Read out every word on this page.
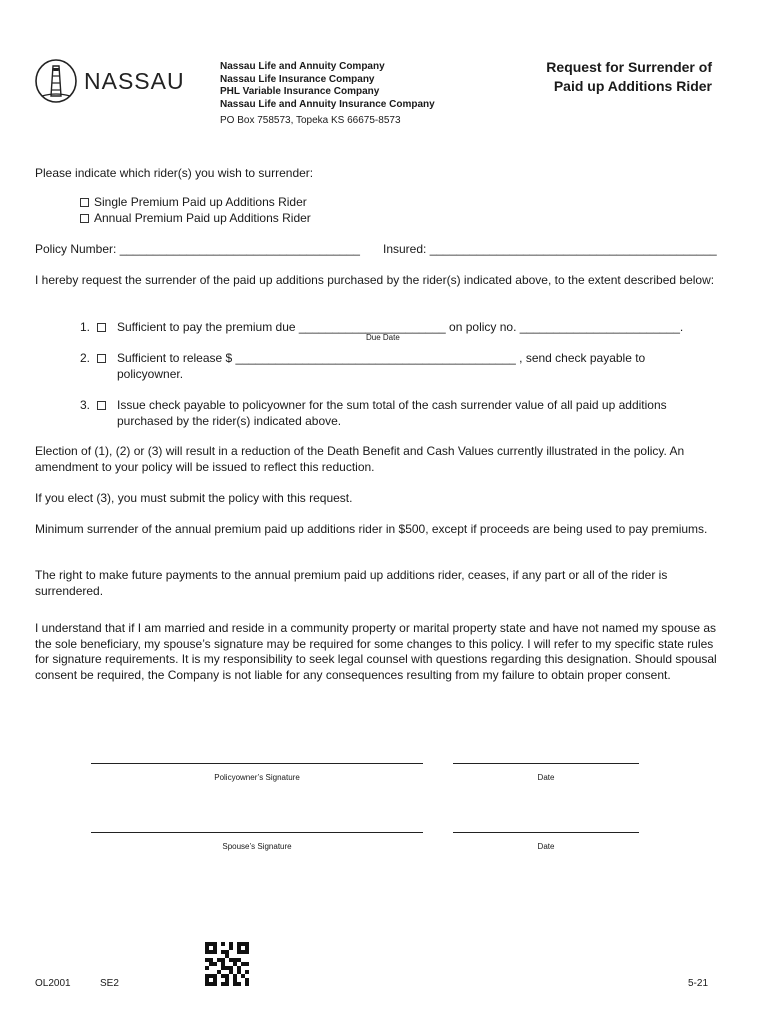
NASSAU
Nassau Life and Annuity Company
Nassau Life Insurance Company
PHL Variable Insurance Company
Nassau Life and Annuity Insurance Company
PO Box 758573, Topeka KS 66675-8573
Request for Surrender of
Paid up Additions Rider
Please indicate which rider(s) you wish to surrender:
Single Premium Paid up Additions Rider
Annual Premium Paid up Additions Rider
Policy Number: ____________________________________ Insured: ___________________________________________
I hereby request the surrender of the paid up additions purchased by the rider(s) indicated above, to the extent described below:
1. Sufficient to pay the premium due ______________________ on policy no. ________________________.
Due Date
2. Sufficient to release $ __________________________________________ , send check payable to policyowner.
3. Issue check payable to policyowner for the sum total of the cash surrender value of all paid up additions purchased by the rider(s) indicated above.
Election of (1), (2) or (3) will result in a reduction of the Death Benefit and Cash Values currently illustrated in the policy. An amendment to your policy will be issued to reflect this reduction.
If you elect (3), you must submit the policy with this request.
Minimum surrender of the annual premium paid up additions rider in $500, except if proceeds are being used to pay premiums.
The right to make future payments to the annual premium paid up additions rider, ceases, if any part or all of the rider is surrendered.
I understand that if I am married and reside in a community property or marital property state and have not named my spouse as the sole beneficiary, my spouse’s signature may be required for some changes to this policy. I will refer to my specific state rules for signature requirements. It is my responsibility to seek legal counsel with questions regarding this designation. Should spousal consent be required, the Company is not liable for any consequences resulting from my failure to obtain proper consent.
Policyowner’s Signature	Date
Spouse’s Signature	Date
OL2001	SE2	5-21
